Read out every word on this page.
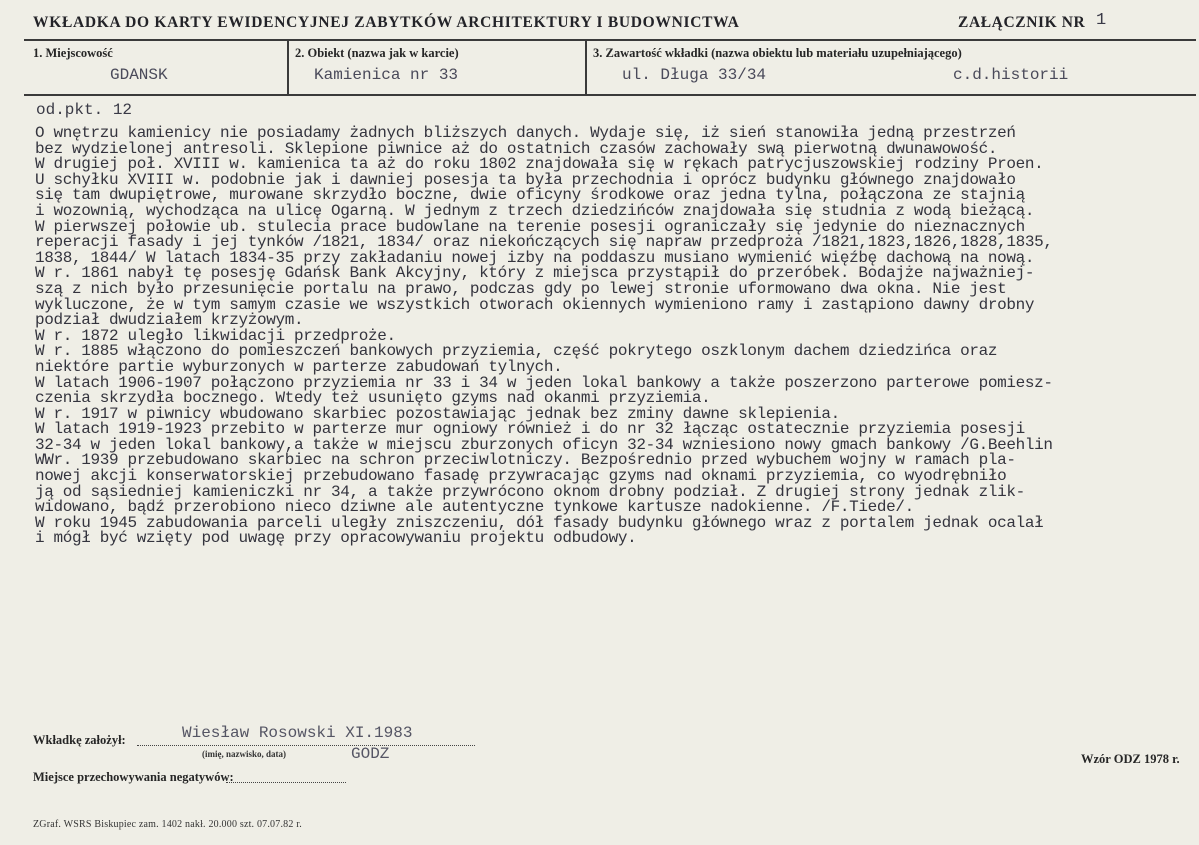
WKŁADKA DO KARTY EWIDENCYJNEJ ZABYTKÓW ARCHITEKTURY I BUDOWNICTWA	ZAŁĄCZNIK NR 1
1. Miejscowość
GDANSK
2. Obiekt (nazwa jak w karcie)
Kamienica nr 33
3. Zawartość wkładki (nazwa obiektu lub materiału uzupełniającego)
ul. Długa 33/34	c.d.historii
od.pkt. 12
O wnętrzu kamienicy nie posiadamy żadnych bliższych danych. Wydaje się, iż sień stanowiła jedną przestrzeń
bez wydzielonej antresoli. Sklepione piwnice aż do ostatnich czasów zachowały swą pierwotną dwunawowość.
W drugiej poł. XVIII w. kamienica ta aż do roku 1802 znajdowała się w rękach patrycjuszowskiej rodziny Proen.
U schyłku XVIII w. podobnie jak i dawniej posesja ta była przechodnia i oprócz budynku głównego znajdowało
się tam dwupiętrowe, murowane skrzydło boczne, dwie oficyny środkowe oraz jedna tylna, połączona ze stajnią
i wozownią, wychodząca na ulicę Ogarną. W jednym z trzech dziedzińców znajdowała się studnia z wodą bieżącą.
W pierwszej połowie ub. stulecia prace budowlane na terenie posesji ograniczały się jedynie do nieznacznych
reperacji fasady i jej tynków /1821, 1834/ oraz niekończących się napraw przedproża /1821,1823,1826,1828,1835,
1838, 1844/ W latach 1834-35 przy zakładaniu nowej izby na poddaszu musiano wymienić więźbę dachową na nową.
W r. 1861 nabył tę posesję Gdańsk Bank Akcyjny, który z miejsca przystąpił do przeróbek. Bodajże najważniej-
szą z nich było przesunięcie portalu na prawo, podczas gdy po lewej stronie uformowano dwa okna. Nie jest
wykluczone, że w tym samym czasie we wszystkich otworach okiennych wymieniono ramy i zastąpiono dawny drobny
podział dwudziałem krzyżowym.
W r. 1872 uległo likwidacji przedproże.
W r. 1885 włączono do pomieszczeń bankowych przyziemia, część pokrytego oszklonym dachem dziedzińca oraz
niektóre partie wyburzonych w parterze zabudowań tylnych.
W latach 1906-1907 połączono przyziemia nr 33 i 34 w jeden lokal bankowy a także poszerzono parterowe pomiesz-
czenia skrzydła bocznego. Wtedy też usunięto gzyms nad okanmi przyziemia.
W r. 1917 w piwnicy wbudowano skarbiec pozostawiając jednak bez zminy dawne sklepienia.
W latach 1919-1923 przebito w parterze mur ogniowy również i do nr 32 łącząc ostatecznie przyziemia posesji
32-34 w jeden lokal bankowy,a także w miejscu zburzonych oficyn 32-34 wzniesiono nowy gmach bankowy /G.Beehlin
WWr. 1939 przebudowano skarbiec na schron przeciwlotniczy. Bezpośrednio przed wybuchem wojny w ramach pla-
nowej akcji konserwatorskiej przebudowano fasadę przywracając gzyms nad oknami przyziemia, co wyodrębniło
ją od sąsiedniej kamieniczki nr 34, a także przywrócono oknom drobny podział. Z drugiej strony jednak zlik-
widowano, bądź przerobiono nieco dziwne ale autentyczne tynkowe kartusze nadokienne. /F.Tiede/.
W roku 1945 zabudowania parceli uległy zniszczeniu, dół fasady budynku głównego wraz z portalem jednak ocalał
i mógł być wzięty pod uwagę przy opracowywaniu projektu odbudowy.
Wkładkę założył:	Wiesław Rosowski XI.1983
(imię, nazwisko, data)	GODZ
Miejsce przechowywania negatywów:
Wzór ODZ 1978 r.
ZGraf. WSRS Biskupiec zam. 1402 nakł. 20.000 szt. 07.07.82 r.
